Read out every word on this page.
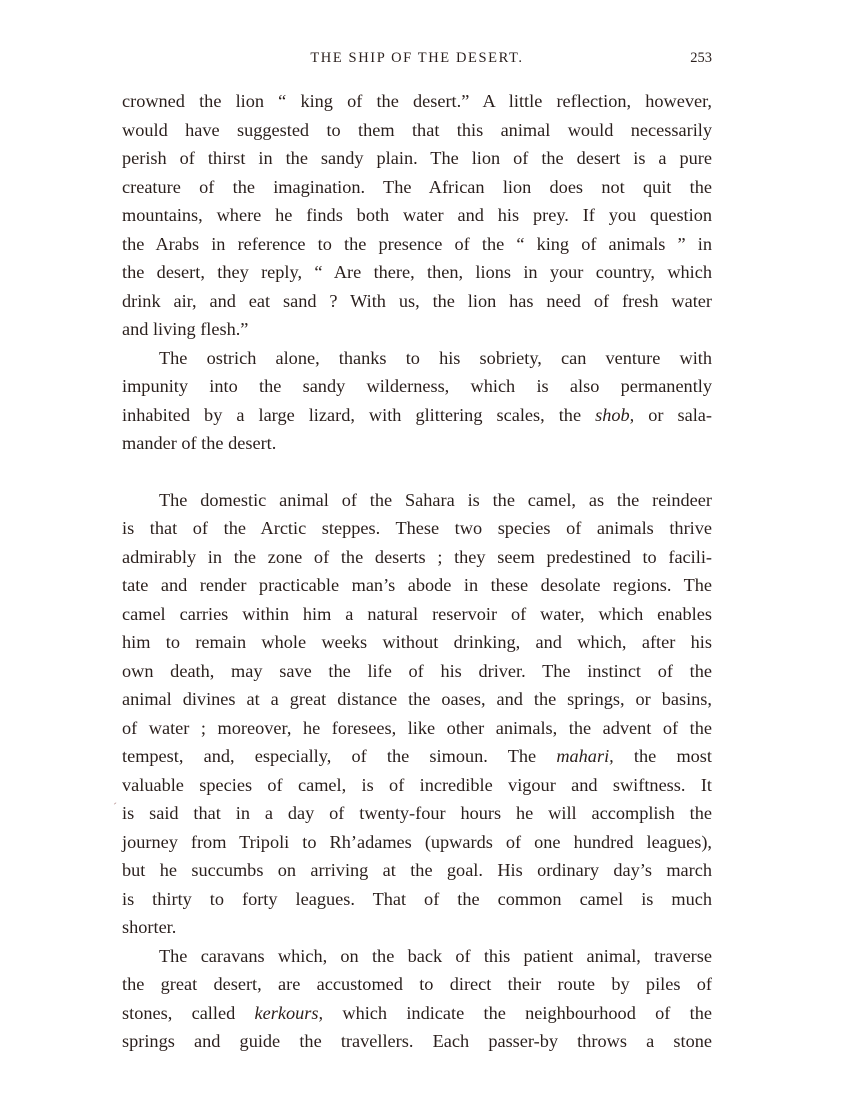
THE SHIP OF THE DESERT.	253

crowned the lion “ king of the desert.” A little reflection, however,
would have suggested to them that this animal would necessarily
perish of thirst in the sandy plain. The lion of the desert is a pure
creature of the imagination. The African lion does not quit the
mountains, where he finds both water and his prey. If you question
the Arabs in reference to the presence of the “ king of animals ” in
the desert, they reply, “ Are there, then, lions in your country, which
drink air, and eat sand ? With us, the lion has need of fresh water
and living flesh.”

The ostrich alone, thanks to his sobriety, can venture with
impunity into the sandy wilderness, which is also permanently
inhabited by a large lizard, with glittering scales, the shob, or sala-
mander of the desert.

The domestic animal of the Sahara is the camel, as the reindeer
is that of the Arctic steppes. These two species of animals thrive
admirably in the zone of the deserts ; they seem predestined to facili-
tate and render practicable man’s abode in these desolate regions. The
camel carries within him a natural reservoir of water, which enables
him to remain whole weeks without drinking, and which, after his
own death, may save the life of his driver. The instinct of the
animal divines at a great distance the oases, and the springs, or basins,
of water ; moreover, he foresees, like other animals, the advent of the
tempest, and, especially, of the simoun. The mahari, the most
valuable species of camel, is of incredible vigour and swiftness. It
is said that in a day of twenty-four hours he will accomplish the
journey from Tripoli to Rh’adames (upwards of one hundred leagues),
but he succumbs on arriving at the goal. His ordinary day’s march
is thirty to forty leagues. That of the common camel is much
shorter.

The caravans which, on the back of this patient animal, traverse
the great desert, are accustomed to direct their route by piles of
stones, called kerkours, which indicate the neighbourhood of the
springs and guide the travellers. Each passer-by throws a stone

´
